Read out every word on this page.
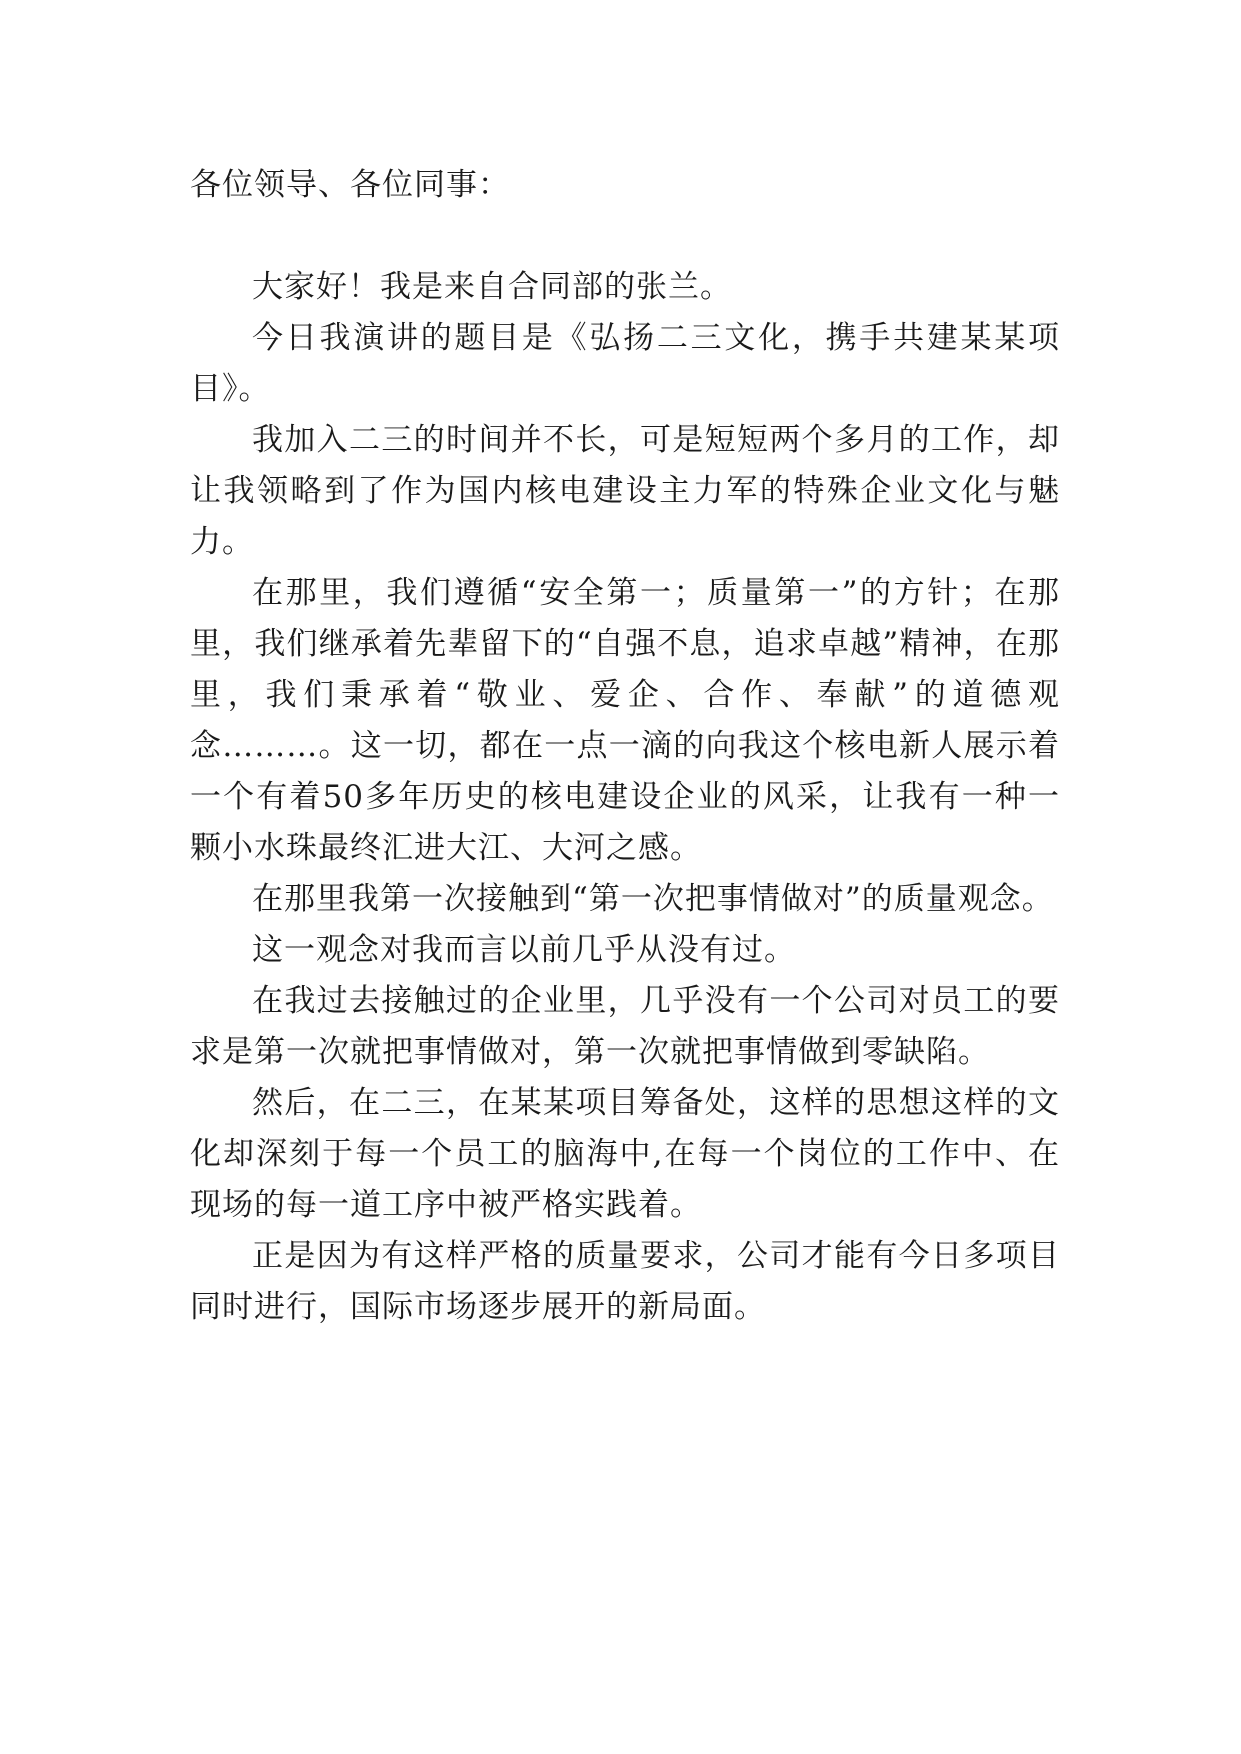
各位领导、各位同事：

大家好！我是来自合同部的张兰。

今日我演讲的题目是《弘扬二三文化，携手共建某某项目》。

我加入二三的时间并不长，可是短短两个多月的工作，却让我领略到了作为国内核电建设主力军的特殊企业文化与魅力。

在那里，我们遵循“安全第一；质量第一”的方针；在那里，我们继承着先辈留下的“自强不息，追求卓越”精神，在那里，我们秉承着“敬业、爱企、合作、奉献”的道德观念………。这一切，都在一点一滴的向我这个核电新人展示着一个有着50多年历史的核电建设企业的风采，让我有一种一颗小水珠最终汇进大江、大河之感。

在那里我第一次接触到“第一次把事情做对”的质量观念。

这一观念对我而言以前几乎从没有过。

在我过去接触过的企业里，几乎没有一个公司对员工的要求是第一次就把事情做对，第一次就把事情做到零缺陷。

然后，在二三，在某某项目筹备处，这样的思想这样的文化却深刻于每一个员工的脑海中,在每一个岗位的工作中、在现场的每一道工序中被严格实践着。

正是因为有这样严格的质量要求，公司才能有今日多项目同时进行，国际市场逐步展开的新局面。
